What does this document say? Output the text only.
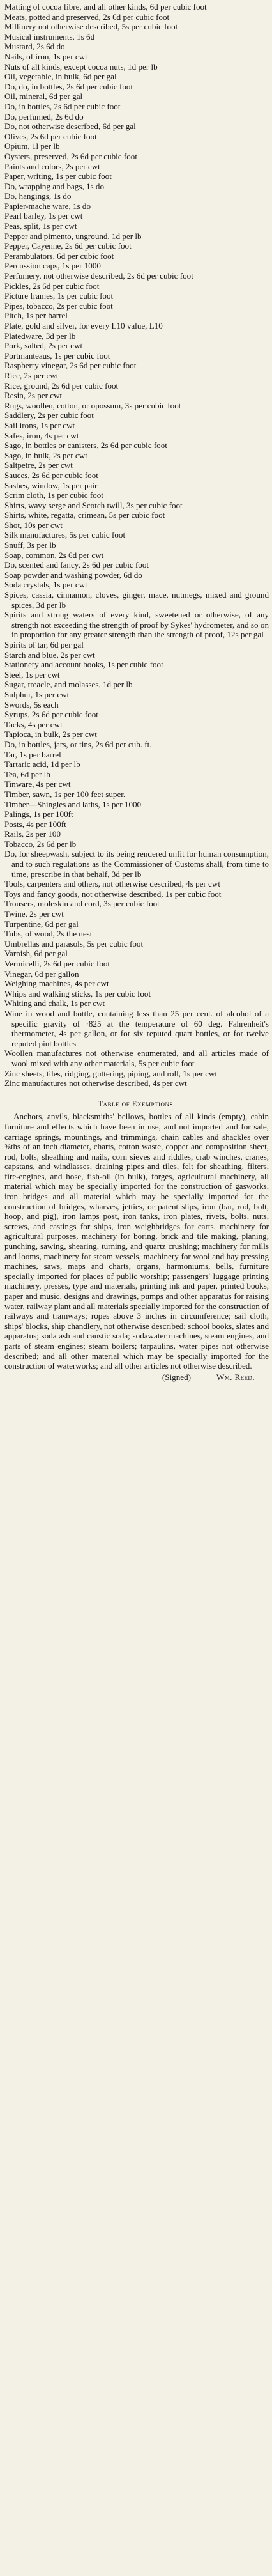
Matting of cocoa fibre, and all other kinds, 6d per cubic foot

Meats, potted and preserved, 2s 6d per cubic foot

Millinery not otherwise described, 5s per cubic foot

Musical instruments, 1s 6d

Mustard, 2s 6d do

Nails, of iron, 1s per cwt

Nuts of all kinds, except cocoa nuts, 1d per lb

Oil, vegetable, in bulk, 6d per gal

Do, do, in bottles, 2s 6d per cubic foot

Oil, mineral, 6d per gal

Do, in bottles, 2s 6d per cubic foot

Do, perfumed, 2s 6d do

Do, not otherwise described, 6d per gal

Olives, 2s 6d per cubic foot

Opium, 1l per lb

Oysters, preserved, 2s 6d per cubic foot

Paints and colors, 2s per cwt

Paper, writing, 1s per cubic foot

Do, wrapping and bags, 1s do

Do, hangings, 1s do

Papier-mache ware, 1s do

Pearl barley, 1s per cwt

Peas, split, 1s per cwt

Pepper and pimento, unground, 1d per lb

Pepper, Cayenne, 2s 6d per cubic foot

Perambulators, 6d per cubic foot

Percussion caps, 1s per 1000

Perfumery, not otherwise described, 2s 6d per cubic foot

Pickles, 2s 6d per cubic foot

Picture frames, 1s per cubic foot

Pipes, tobacco, 2s per cubic foot

Pitch, 1s per barrel

Plate, gold and silver, for every L10 value, L10

Platedware, 3d per lb

Pork, salted, 2s per cwt

Portmanteaus, 1s per cubic foot

Raspberry vinegar, 2s 6d per cubic foot

Rice, 2s per cwt

Rice, ground, 2s 6d per cubic foot

Resin, 2s per cwt

Rugs, woollen, cotton, or opossum, 3s per cubic foot

Saddlery, 2s per cubic foot

Sail irons, 1s per cwt

Safes, iron, 4s per cwt

Sago, in bottles or canisters, 2s 6d per cubic foot

Sago, in bulk, 2s per cwt

Saltpetre, 2s per cwt

Sauces, 2s 6d per cubic foot

Sashes, window, 1s per pair

Scrim cloth, 1s per cubic foot

Shirts, wavy serge and Scotch twill, 3s per cubic foot

Shirts, white, regatta, crimean, 5s per cubic foot

Shot, 10s per cwt

Silk manufactures, 5s per cubic foot

Snuff, 3s per lb

Soap, common, 2s 6d per cwt

Do, scented and fancy, 2s 6d per cubic foot

Soap powder and washing powder, 6d do

Soda crystals, 1s per cwt

Spices, cassia, cinnamon, cloves, ginger, mace, nutmegs, mixed and ground spices, 3d per lb

Spirits and strong waters of every kind, sweetened or otherwise, of any strength not exceeding the strength of proof by Sykes' hydrometer, and so on in proportion for any greater strength than the strength of proof, 12s per gal

Spirits of tar, 6d per gal

Starch and blue, 2s per cwt

Stationery and account books, 1s per cubic foot

Steel, 1s per cwt

Sugar, treacle, and molasses, 1d per lb

Sulphur, 1s per cwt

Swords, 5s each

Syrups, 2s 6d per cubic foot

Tacks, 4s per cwt

Tapioca, in bulk, 2s per cwt

Do, in bottles, jars, or tins, 2s 6d per cub. ft.

Tar, 1s per barrel

Tartaric acid, 1d per lb

Tea, 6d per lb

Tinware, 4s per cwt

Timber, sawn, 1s per 100 feet super.

Timber—Shingles and laths, 1s per 1000

Palings, 1s per 100ft

Posts, 4s per 100ft

Rails, 2s per 100

Tobacco, 2s 6d per lb

Do, for sheepwash, subject to its being rendered unfit for human consumption, and to such regulations as the Commissioner of Customs shall, from time to time, prescribe in that behalf, 3d per lb

Tools, carpenters and others, not otherwise described, 4s per cwt

Toys and fancy goods, not otherwise described, 1s per cubic foot

Trousers, moleskin and cord, 3s per cubic foot

Twine, 2s per cwt

Turpentine, 6d per gal

Tubs, of wood, 2s the nest

Umbrellas and parasols, 5s per cubic foot

Varnish, 6d per gal

Vermicelli, 2s 6d per cubic foot

Vinegar, 6d per gallon

Weighing machines, 4s per cwt

Whips and walking sticks, 1s per cubic foot

Whiting and chalk, 1s per cwt

Wine in wood and bottle, containing less than 25 per cent. of alcohol of a specific gravity of ·825 at the temperature of 60 deg. Fahrenheit's thermometer, 4s per gallon, or for six reputed quart bottles, or for twelve reputed pint bottles

Woollen manufactures not otherwise enumerated, and all articles made of wool mixed with any other materials, 5s per cubic foot

Zinc sheets, tiles, ridging, guttering, piping, and roll, 1s per cwt

Zinc manufactures not otherwise described, 4s per cwt

Table of Exemptions.

Anchors, anvils, blacksmiths' bellows, bottles of all kinds (empty), cabin furniture and effects which have been in use, and not imported and for sale, carriage springs, mountings, and trimmings, chain cables and shackles over ⅝ths of an inch diameter, charts, cotton waste, copper and composition sheet, rod, bolts, sheathing and nails, corn sieves and riddles, crab winches, cranes, capstans, and windlasses, draining pipes and tiles, felt for sheathing, filters, fire-engines, and hose, fish-oil (in bulk), forges, agricultural machinery, all material which may be specially imported for the construction of gasworks, iron bridges and all material which may be specially imported for the construction of bridges, wharves, jetties, or patent slips, iron (bar, rod, bolt, hoop, and pig), iron lamps post, iron tanks, iron plates, rivets, bolts, nuts, screws, and castings for ships, iron weighbridges for carts, machinery for agricultural purposes, machinery for boring, brick and tile making, planing, punching, sawing, shearing, turning, and quartz crushing; machinery for mills and looms, machinery for steam vessels, machinery for wool and hay pressing machines, saws, maps and charts, organs, harmoniums, bells, furniture specially imported for places of public worship; passengers' luggage printing machinery, presses, type and materials, printing ink and paper, printed books, paper and music, designs and drawings, pumps and other apparatus for raising water, railway plant and all materials specially imported for the construction of railways and tramways; ropes above 3 inches in circumference; sail cloth, ships' blocks, ship chandlery, not otherwise described; school books, slates and apparatus; soda ash and caustic soda; sodawater machines, steam engines, and parts of steam engines; steam boilers; tarpaulins, water pipes not otherwise described; and all other material which may be specially imported for the construction of waterworks; and all other articles not otherwise described.

(Signed)	Wm. Reed.
